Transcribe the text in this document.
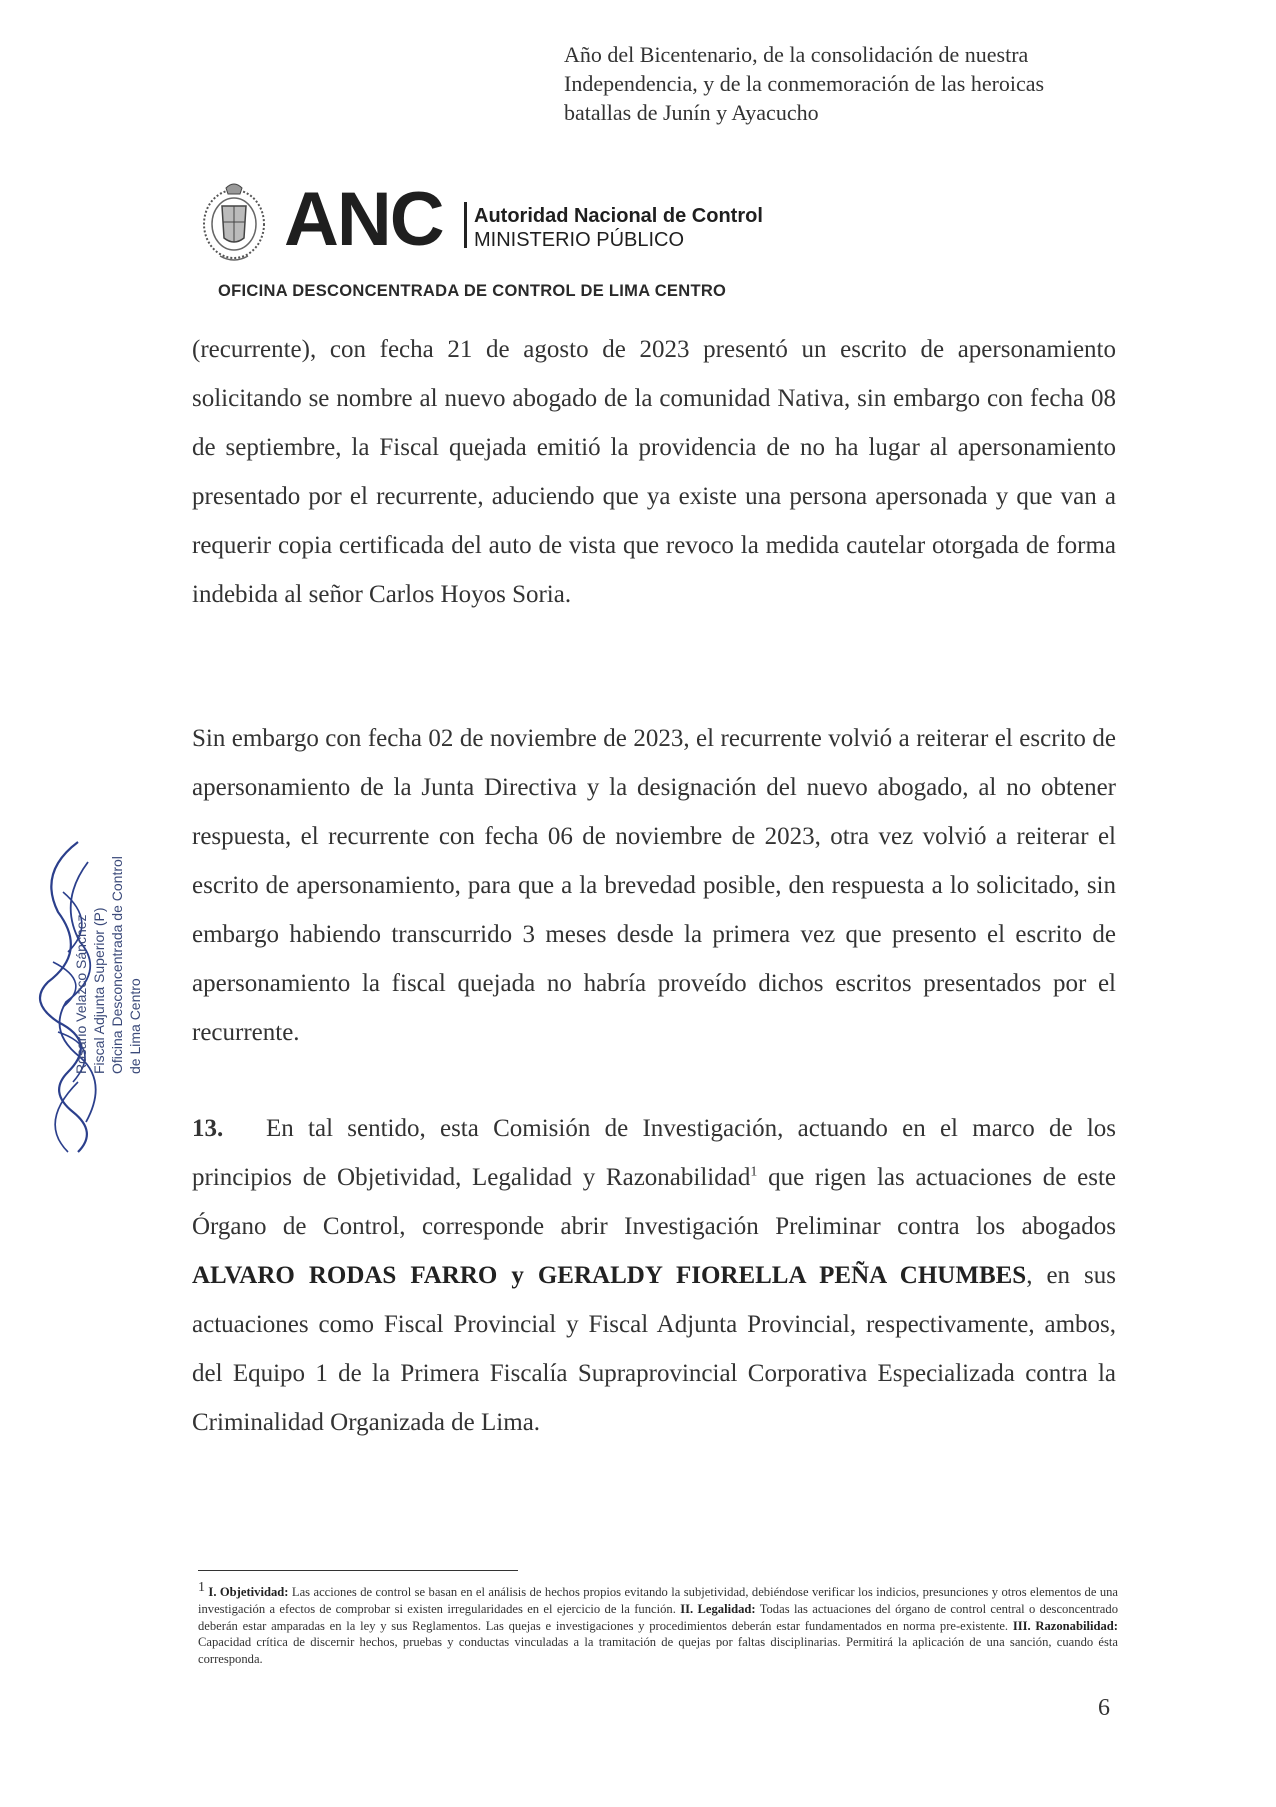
Año del Bicentenario, de la consolidación de nuestra
Independencia, y de la conmemoración de las heroicas
batallas de Junín y Ayacucho
ANC Autoridad Nacional de Control
MINISTERIO PÚBLICO
OFICINA DESCONCENTRADA DE CONTROL DE LIMA CENTRO
(recurrente), con fecha 21 de agosto de 2023 presentó un escrito de apersonamiento solicitando se nombre al nuevo abogado de la comunidad Nativa, sin embargo con fecha 08 de septiembre, la Fiscal quejada emitió la providencia de no ha lugar al apersonamiento presentado por el recurrente, aduciendo que ya existe una persona apersonada y que van a requerir copia certificada del auto de vista que revoco la medida cautelar otorgada de forma indebida al señor Carlos Hoyos Soria.
Sin embargo con fecha 02 de noviembre de 2023, el recurrente volvió a reiterar el escrito de apersonamiento de la Junta Directiva y la designación del nuevo abogado, al no obtener respuesta, el recurrente con fecha 06 de noviembre de 2023, otra vez volvió a reiterar el escrito de apersonamiento, para que a la brevedad posible, den respuesta a lo solicitado, sin embargo habiendo transcurrido 3 meses desde la primera vez que presento el escrito de apersonamiento la fiscal quejada no habría proveído dichos escritos presentados por el recurrente.
13. En tal sentido, esta Comisión de Investigación, actuando en el marco de los principios de Objetividad, Legalidad y Razonabilidad$^1$ que rigen las actuaciones de este Órgano de Control, corresponde abrir Investigación Preliminar contra los abogados ALVARO RODAS FARRO y GERALDY FIORELLA PEÑA CHUMBES, en sus actuaciones como Fiscal Provincial y Fiscal Adjunta Provincial, respectivamente, ambos, del Equipo 1 de la Primera Fiscalía Supraprovincial Corporativa Especializada contra la Criminalidad Organizada de Lima.
Rosario Velazco Sánchez Fiscal Adjunta Superior (P) Oficina Desconcentrada de Control de Lima Centro
$^1$ I. Objetividad: Las acciones de control se basan en el análisis de hechos propios evitando la subjetividad, debiéndose verificar los indicios, presunciones y otros elementos de una investigación a efectos de comprobar si existen irregularidades en el ejercicio de la función. II. Legalidad: Todas las actuaciones del órgano de control central o desconcentrado deberán estar amparadas en la ley y sus Reglamentos. Las quejas e investigaciones y procedimientos deberán estar fundamentados en norma pre-existente. III. Razonabilidad: Capacidad crítica de discernir hechos, pruebas y conductas vinculadas a la tramitación de quejas por faltas disciplinarias. Permitirá la aplicación de una sanción, cuando ésta corresponda.
6
